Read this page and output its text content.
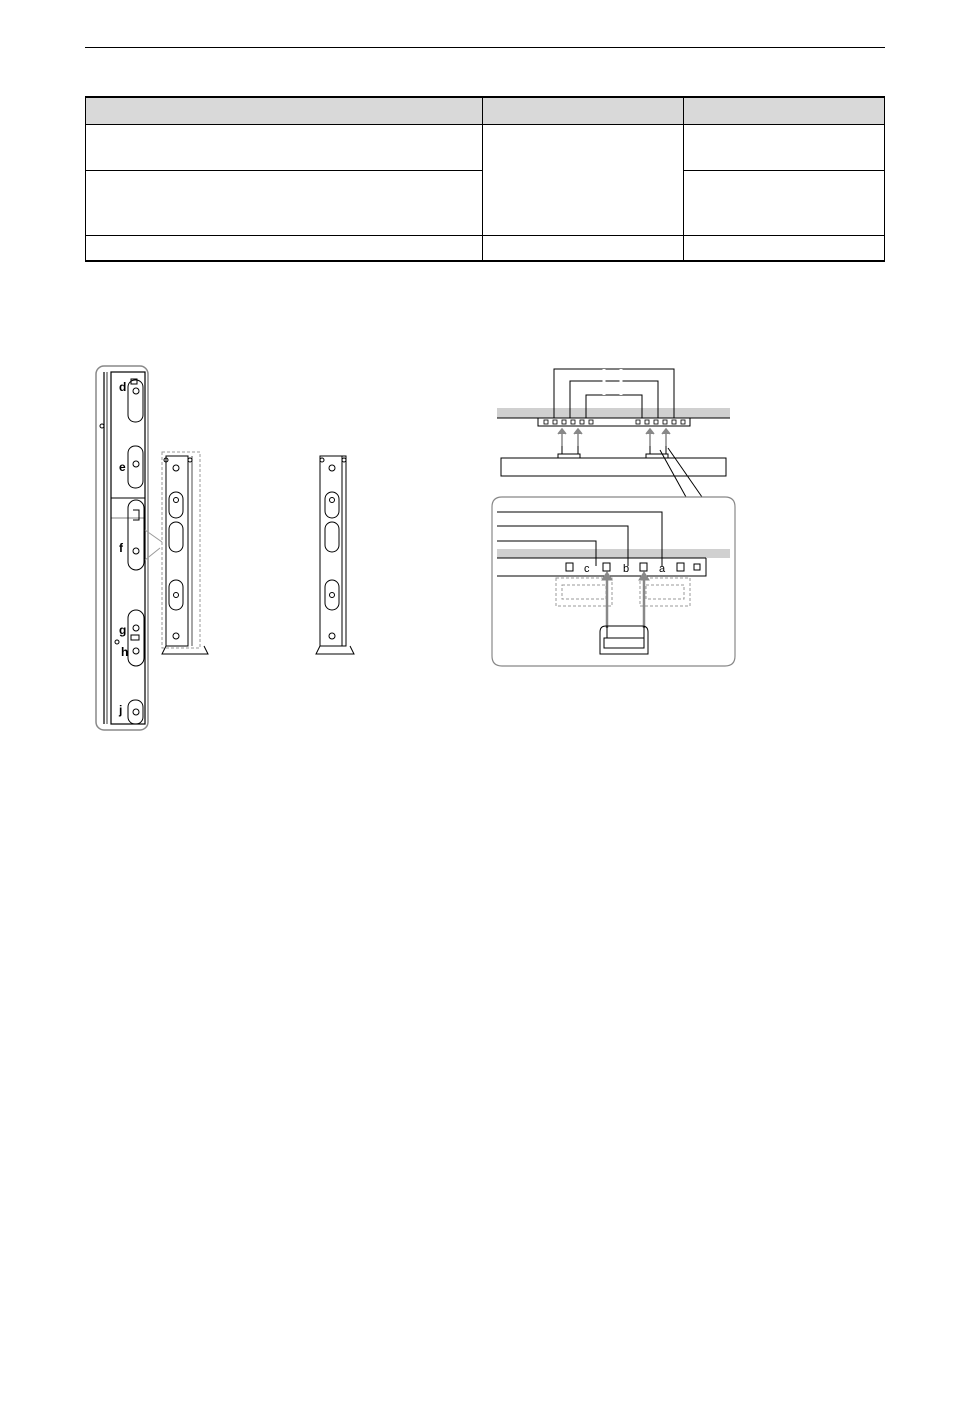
d
e
f
g
h
j
c	b	a
